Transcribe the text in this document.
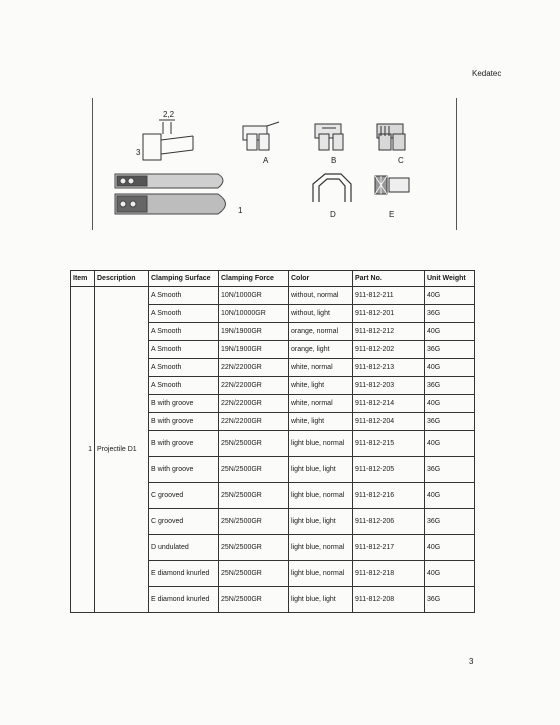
Kedatec
2,2
3
1
A	B	C
D	E
Item	Description	Clamping Surface	Clamping Force	Color	Part No.	Unit Weight
1	Projectile D1	A Smooth	10N/1000GR	without, normal	911-812-211	40G
		A Smooth	10N/10000GR	without, light	911-812-201	36G
		A Smooth	19N/1900GR	orange, normal	911-812-212	40G
		A Smooth	19N/1900GR	orange, light	911-812-202	36G
		A Smooth	22N/2200GR	white, normal	911-812-213	40G
		A Smooth	22N/2200GR	white, light	911-812-203	36G
		B with groove	22N/2200GR	white, normal	911-812-214	40G
		B with groove	22N/2200GR	white, light	911-812-204	36G
		B with groove	25N/2500GR	light blue, normal	911-812-215	40G
		B with groove	25N/2500GR	light blue, light	911-812-205	36G
		C grooved	25N/2500GR	light blue, normal	911-812-216	40G
		C grooved	25N/2500GR	light blue, light	911-812-206	36G
		D undulated	25N/2500GR	light blue, normal	911-812-217	40G
		E diamond knurled	25N/2500GR	light blue, normal	911-812-218	40G
		E diamond knurled	25N/2500GR	light blue, light	911-812-208	36G
3
